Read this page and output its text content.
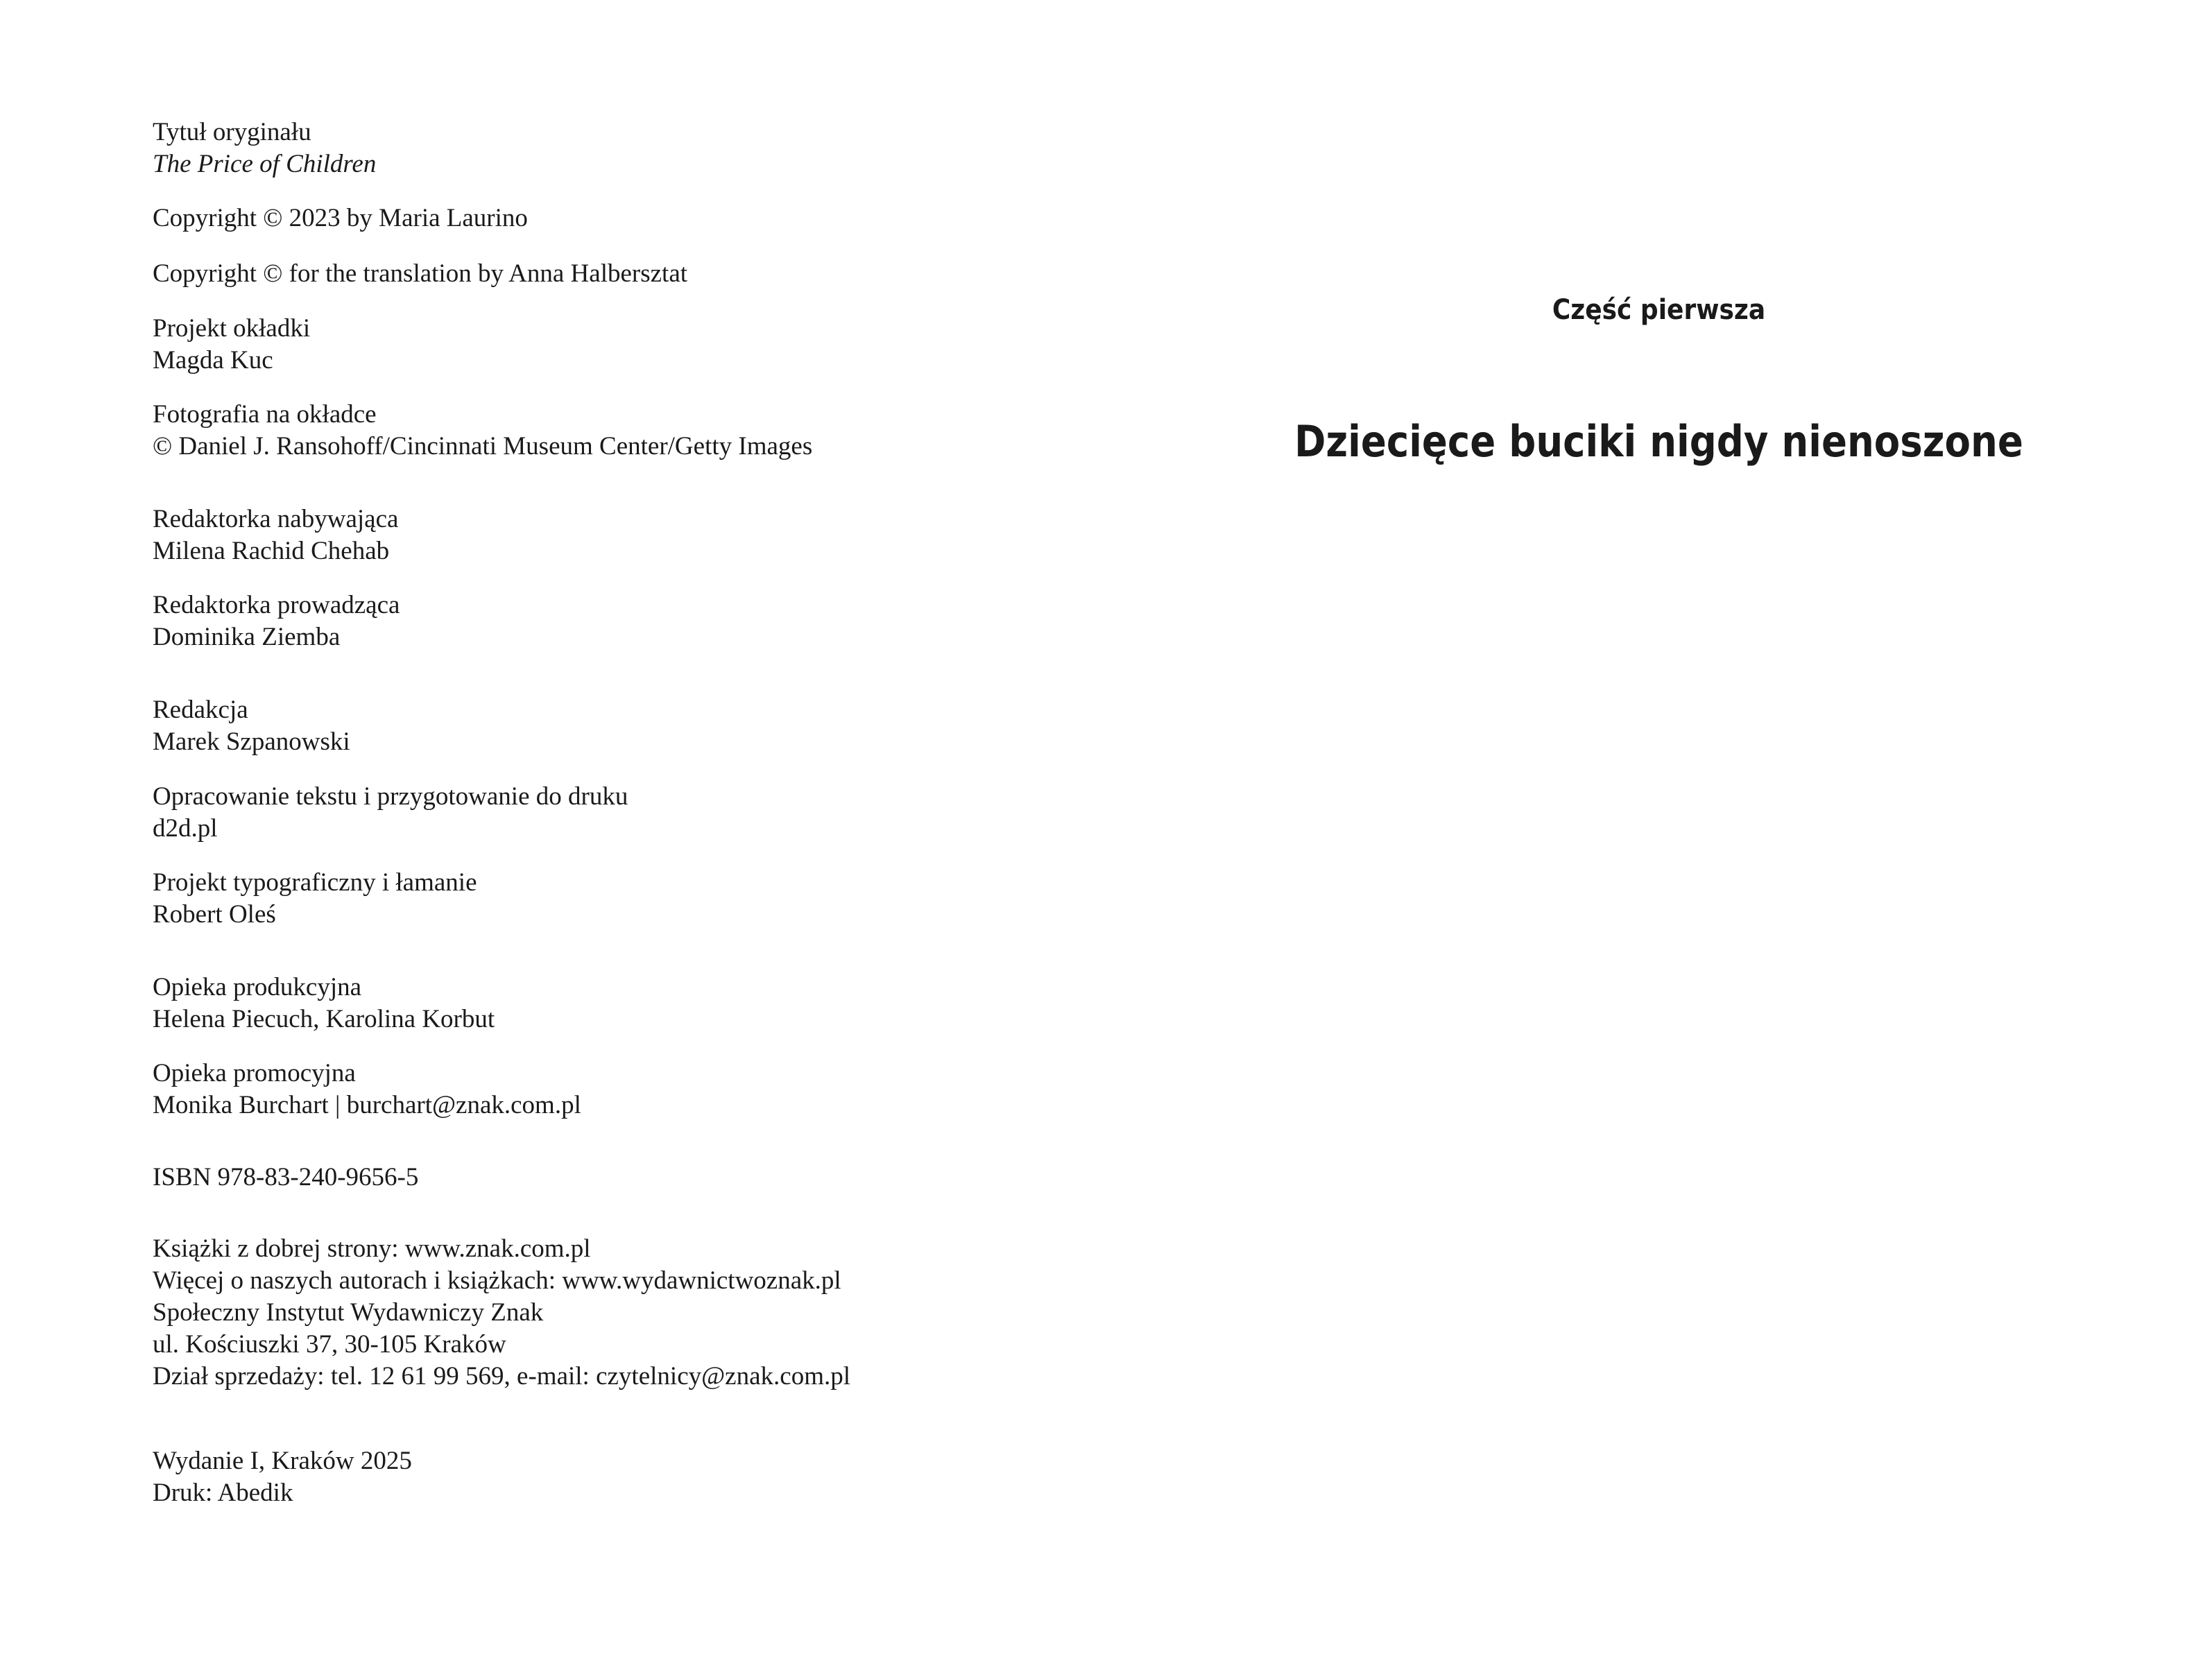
Tytuł oryginału
The Price of Children
Copyright © 2023 by Maria Laurino
Copyright © for the translation by Anna Halbersztat
Projekt okładki
Magda Kuc
Fotografia na okładce
© Daniel J. Ransohoff/Cincinnati Museum Center/Getty Images
Redaktorka nabywająca
Milena Rachid Chehab
Redaktorka prowadząca
Dominika Ziemba
Redakcja
Marek Szpanowski
Opracowanie tekstu i przygotowanie do druku
d2d.pl
Projekt typograficzny i łamanie
Robert Oleś
Opieka produkcyjna
Helena Piecuch, Karolina Korbut
Opieka promocyjna
Monika Burchart | burchart@znak.com.pl
ISBN 978-83-240-9656-5
Książki z dobrej strony: www.znak.com.pl
Więcej o naszych autorach i książkach: www.wydawnictwoznak.pl
Społeczny Instytut Wydawniczy Znak
ul. Kościuszki 37, 30-105 Kraków
Dział sprzedaży: tel. 12 61 99 569, e-mail: czytelnicy@znak.com.pl
Wydanie I, Kraków 2025
Druk: Abedik
Część pierwsza
Dziecięce buciki nigdy nienoszone
